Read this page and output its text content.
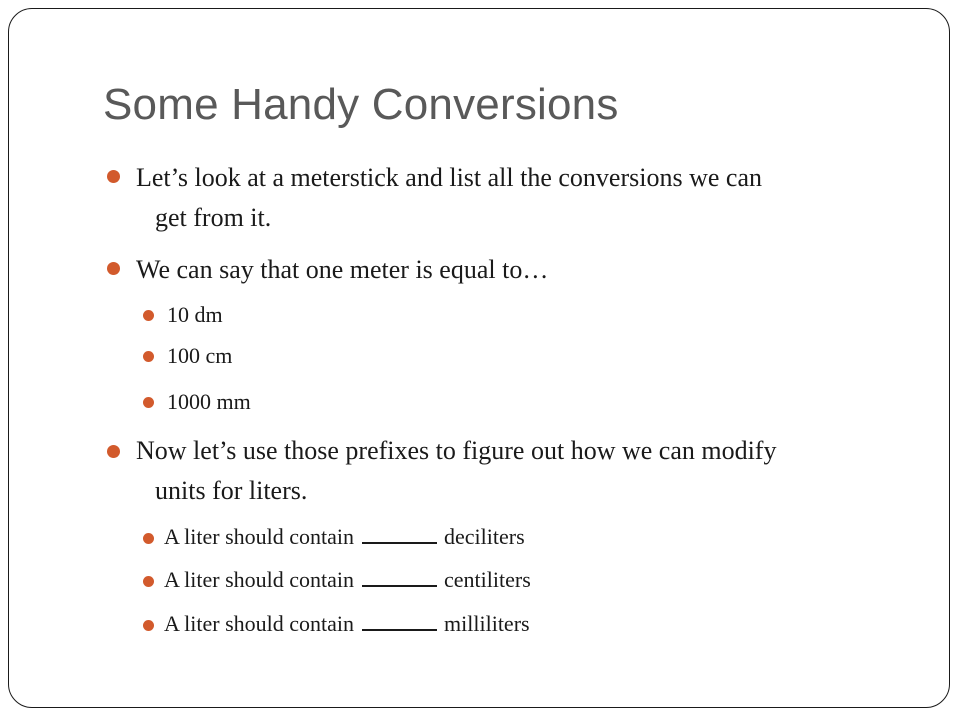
Some Handy Conversions
Let’s look at a meterstick and list all the conversions we can
get from it.
We can say that one meter is equal to…
10 dm
100 cm
1000 mm
Now let’s use those prefixes to figure out how we can modify
units for liters.
A liter should contain	deciliters
A liter should contain	centiliters
A liter should contain	milliliters
